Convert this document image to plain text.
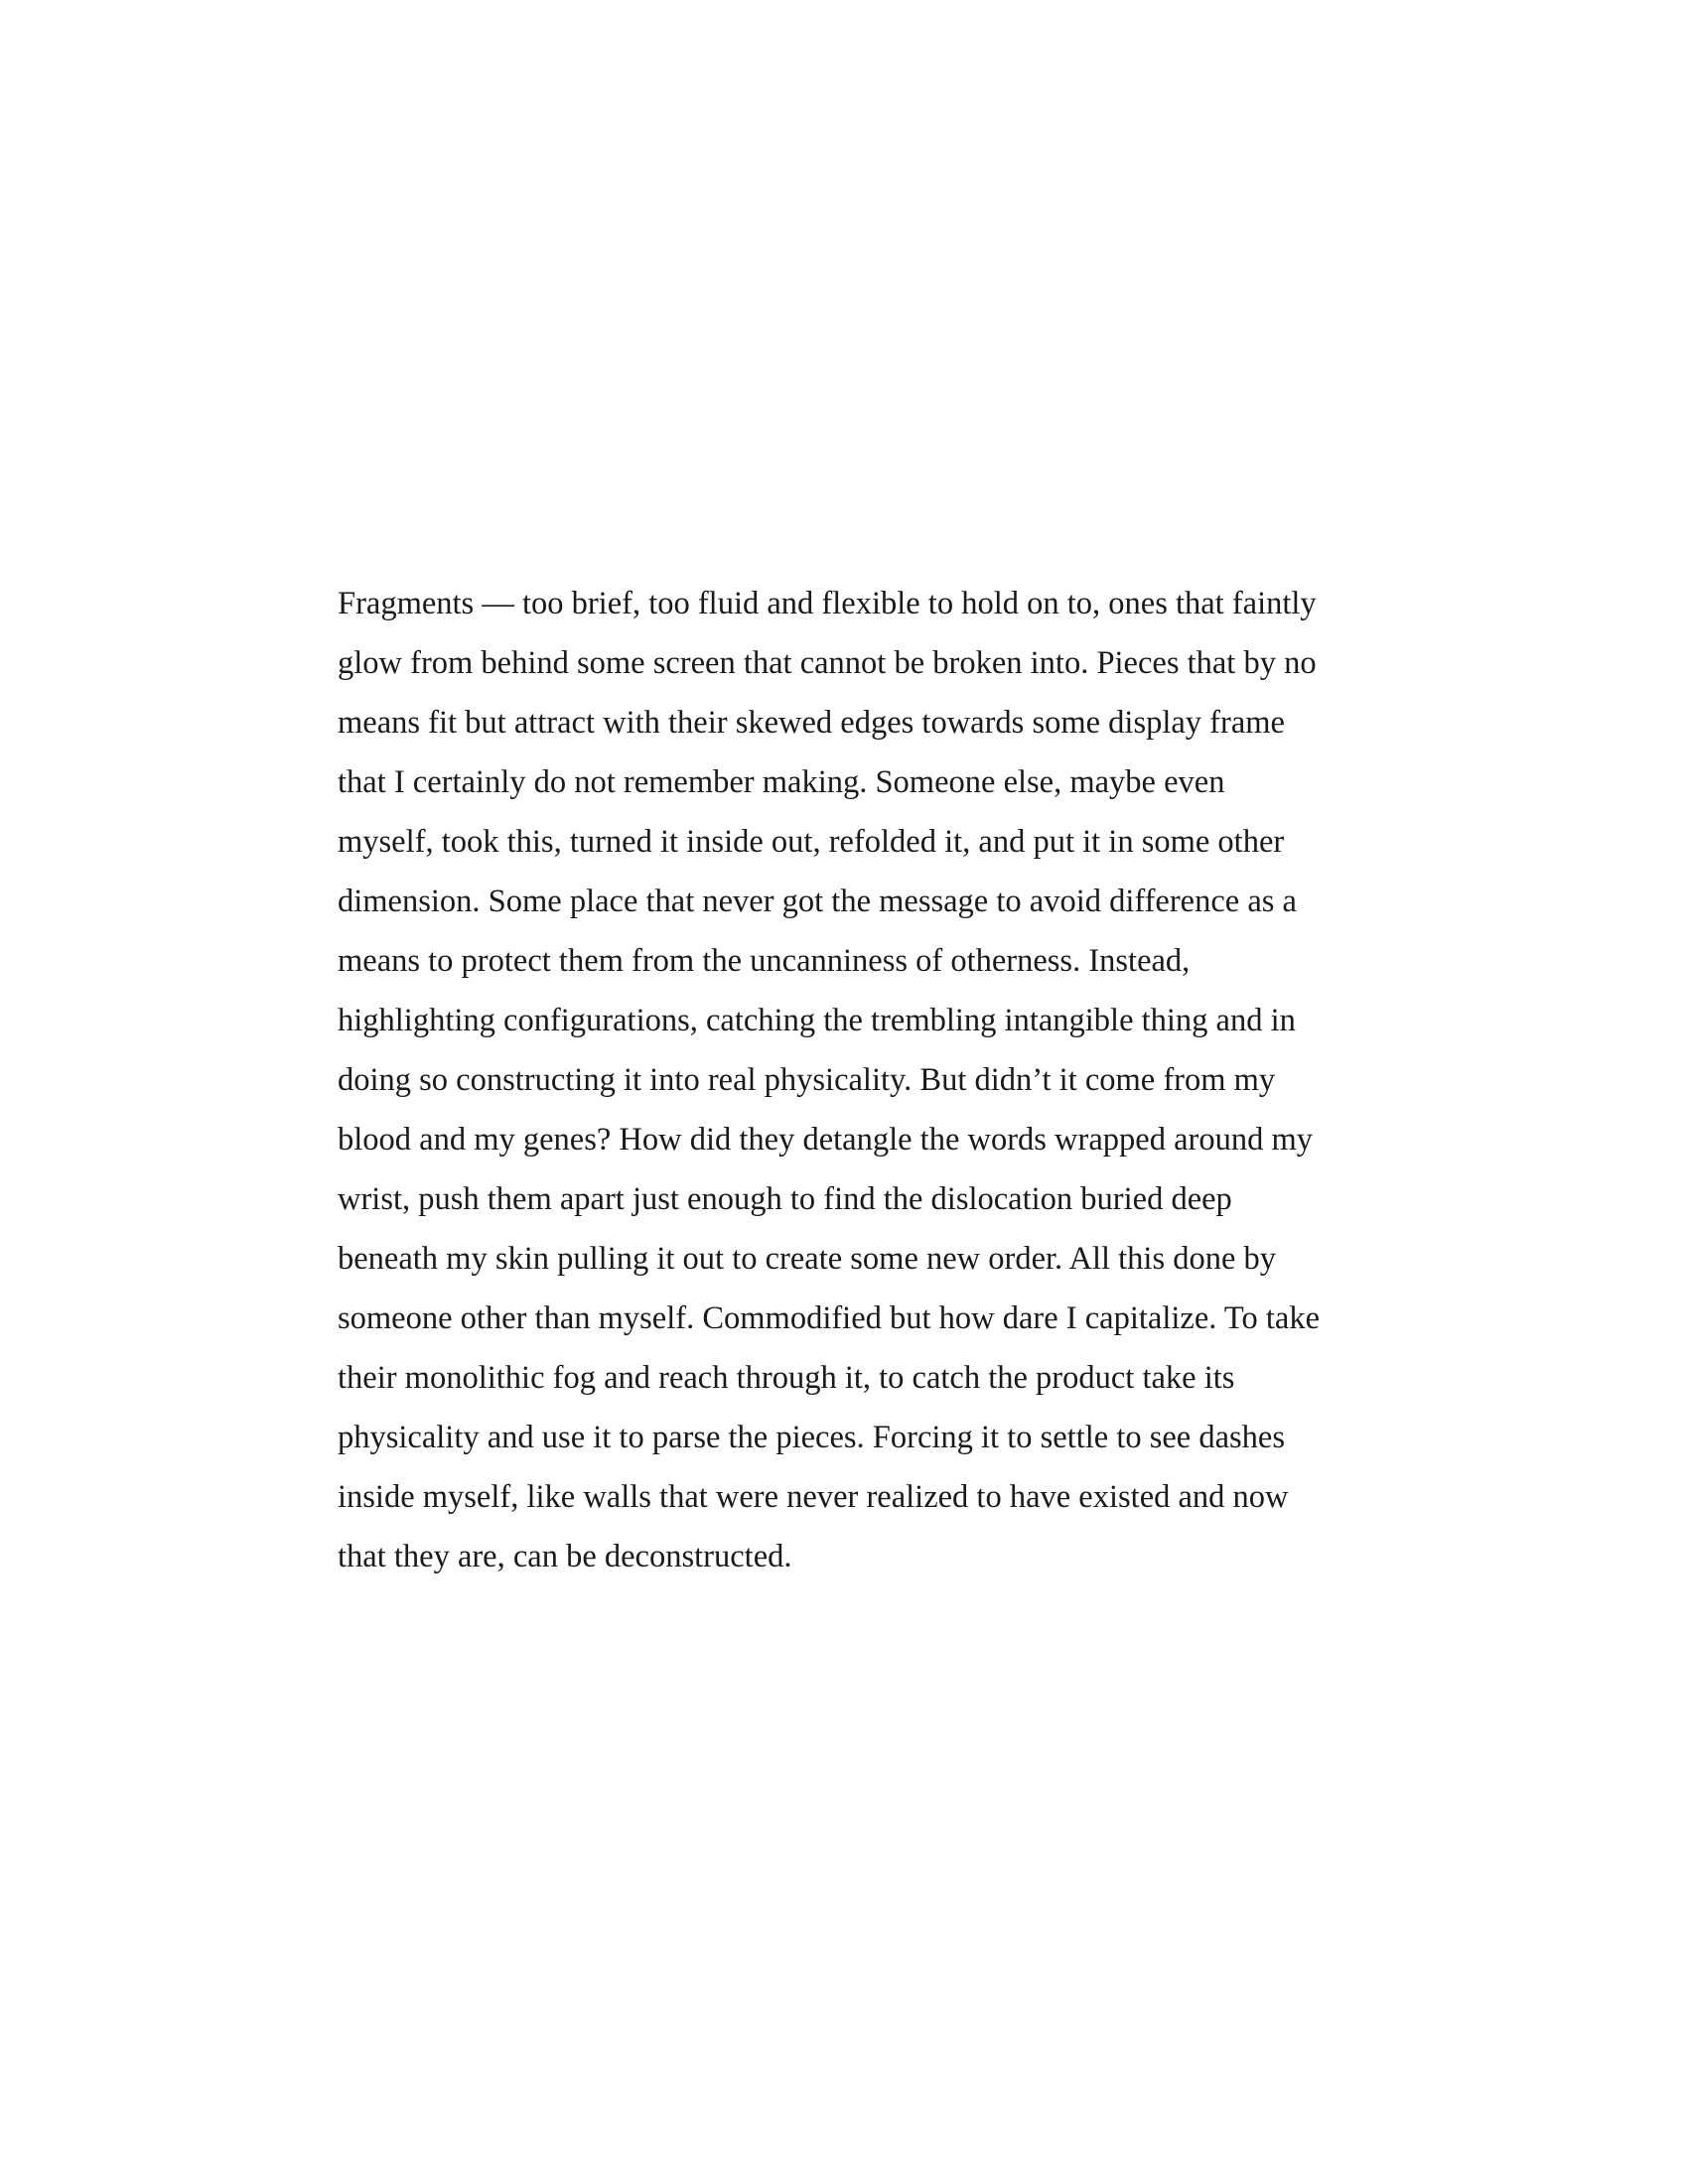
Fragments — too brief, too fluid and flexible to hold on to, ones that faintly
glow from behind some screen that cannot be broken into. Pieces that by no
means fit but attract with their skewed edges towards some display frame
that I certainly do not remember making. Someone else, maybe even
myself, took this, turned it inside out, refolded it, and put it in some other
dimension. Some place that never got the message to avoid difference as a
means to protect them from the uncanniness of otherness. Instead,
highlighting configurations, catching the trembling intangible thing and in
doing so constructing it into real physicality. But didn’t it come from my
blood and my genes? How did they detangle the words wrapped around my
wrist, push them apart just enough to find the dislocation buried deep
beneath my skin pulling it out to create some new order. All this done by
someone other than myself. Commodified but how dare I capitalize. To take
their monolithic fog and reach through it, to catch the product take its
physicality and use it to parse the pieces. Forcing it to settle to see dashes
inside myself, like walls that were never realized to have existed and now
that they are, can be deconstructed.
